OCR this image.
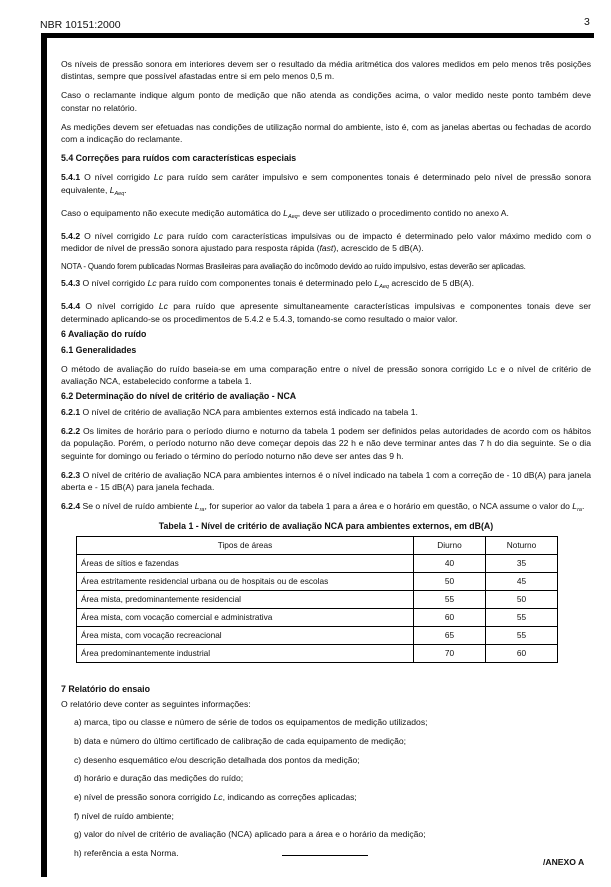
NBR 10151:2000	3

Os níveis de pressão sonora em interiores devem ser o resultado da média aritmética dos valores medidos em pelo menos três posições distintas, sempre que possível afastadas entre si em pelo menos 0,5 m.

Caso o reclamante indique algum ponto de medição que não atenda as condições acima, o valor medido neste ponto também deve constar no relatório.

As medições devem ser efetuadas nas condições de utilização normal do ambiente, isto é, com as janelas abertas ou fechadas de acordo com a indicação do reclamante.

5.4 Correções para ruídos com características especiais

5.4.1 O nível corrigido Lc para ruído sem caráter impulsivo e sem componentes tonais é determinado pelo nível de pressão sonora equivalente, $L_{Aeq}$.

Caso o equipamento não execute medição automática do $L_{Aeq}$, deve ser utilizado o procedimento contido no anexo A.

5.4.2 O nível corrigido Lc para ruído com características impulsivas ou de impacto é determinado pelo valor máximo medido com o medidor de nível de pressão sonora ajustado para resposta rápida (fast), acrescido de 5 dB(A).

NOTA - Quando forem publicadas Normas Brasileiras para avaliação do incômodo devido ao ruído impulsivo, estas deverão ser aplicadas.

5.4.3 O nível corrigido Lc para ruído com componentes tonais é determinado pelo $L_{Aeq}$ acrescido de 5 dB(A).

5.4.4 O nível corrigido Lc para ruído que apresente simultaneamente características impulsivas e componentes tonais deve ser determinado aplicando-se os procedimentos de 5.4.2 e 5.4.3, tomando-se como resultado o maior valor.

6 Avaliação do ruído

6.1 Generalidades

O método de avaliação do ruído baseia-se em uma comparação entre o nível de pressão sonora corrigido Lc e o nível de critério de avaliação NCA, estabelecido conforme a tabela 1.

6.2 Determinação do nível de critério de avaliação - NCA

6.2.1 O nível de critério de avaliação NCA para ambientes externos está indicado na tabela 1.

6.2.2 Os limites de horário para o período diurno e noturno da tabela 1 podem ser definidos pelas autoridades de acordo com os hábitos da população. Porém, o período noturno não deve começar depois das 22 h e não deve terminar antes das 7 h do dia seguinte. Se o dia seguinte for domingo ou feriado o término do período noturno não deve ser antes das 9 h.

6.2.3 O nível de critério de avaliação NCA para ambientes internos é o nível indicado na tabela 1 com a correção de - 10 dB(A) para janela aberta e - 15 dB(A) para janela fechada.

6.2.4 Se o nível de ruído ambiente $L_{ra}$, for superior ao valor da tabela 1 para a área e o horário em questão, o NCA assume o valor do $L_{ra}$.

Tabela 1 - Nível de critério de avaliação NCA para ambientes externos, em dB(A)

Tipos de áreas	Diurno	Noturno
Áreas de sítios e fazendas	40	35
Área estritamente residencial urbana ou de hospitais ou de escolas	50	45
Área mista, predominantemente residencial	55	50
Área mista, com vocação comercial e administrativa	60	55
Área mista, com vocação recreacional	65	55
Área predominantemente industrial	70	60

7 Relatório do ensaio

O relatório deve conter as seguintes informações:

a) marca, tipo ou classe e número de série de todos os equipamentos de medição utilizados;

b) data e número do último certificado de calibração de cada equipamento de medição;

c) desenho esquemático e/ou descrição detalhada dos pontos da medição;

d) horário e duração das medições do ruído;

e) nível de pressão sonora corrigido Lc, indicando as correções aplicadas;

f) nível de ruído ambiente;

g) valor do nível de critério de avaliação (NCA) aplicado para a área e o horário da medição;

h) referência a esta Norma.

/ANEXO A
